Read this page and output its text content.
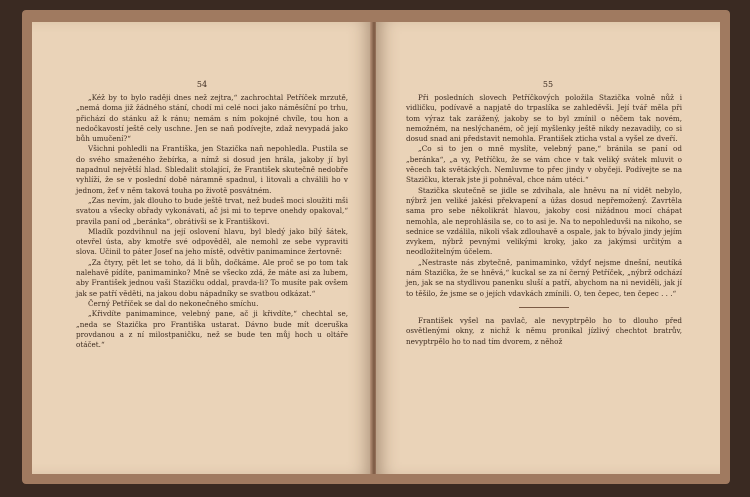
54

„Kéž by to bylo raději dnes než zejtra,“ zachrochtal Petříček mrzutě, „nemá doma již žádného stání, chodí mi celé noci jako náměsíční po trhu, přichází do stánku až k ránu; nemám s ním pokojné chvíle, tou hon a nedočkavostí ještě cely uschne. Jen se naň podívejte, zdaž nevypadá jako bůh umučení?“

Všichni pohledli na Františka, jen Stazička naň nepohledla. Pustila se do svého smaženého žebírka, a nímž si dosud jen hrála, jakoby jí byl napadnul největší hlad. Sbledalit stolající, že František skutečně nedobře vyhlíží, že se v poslední době náramně spadnul, i litovali a chválili ho v jednom, žeť v něm taková touha po životě posvátném.

„Zas nevím, jak dlouho to bude ještě trvat, než budeš moci sloužiti mši svatou a všecky obřady vykonávati, ač jsi mi to teprve onehdy opakoval,“ pravila paní od „beránka“, obrátivši se k Františkovi.

Mladík pozdvihnul na její oslovení hlavu, byl bledý jako bílý šátek, otevřel ústa, aby kmotře své odpověděl, ale nemohl ze sebe vypraviti slova. Učinil to páter Josef na jeho místě, odvětiv panimamince žertovně:

„Za čtyry, pět let se toho, dá li bůh, dočkáme. Ale proč se po tom tak nalehavě pídíte, panimaminko? Mně se všecko zdá, že máte asi za lubem, aby František jednou vaši Stazičku oddal, pravda-li? To musíte pak ovšem jak se patří věděti, na jakou dobu nápadníky se svatbou odkázat.“

Černý Petříček se dal do nekonečného smíchu.

„Křivdíte panimamince, velebný pane, ač ji křivdíte,“ chechtal se, „neda se Stazička pro Františka ustarat. Dávno bude mít dceruška provdanou a z ní milostpaničku, než se bude ten můj hoch u oltáře otáčet.“

55

Při posledních slovech Petříčkových položila Stazička volně nůž i vidličku, podívavě a napjatě do trpaslíka se zahleděvši. Její tvář měla při tom výraz tak zarážený, jakoby se to byl zmínil o něčem tak novém, nemožném, na neslýchaném, oč její myšlenky ještě nikdy nezavadily, co si dosud snad ani představit nemohla. František zticha vstal a vyšel ze dveří.

„Co si to jen o mně myslíte, velebný pane,“ bránila se paní od „beránka“, „a vy, Petříčku, že se vám chce v tak veliký svátek mluvit o věcech tak světáckých. Nemluvme to přec jindy v obyčeji. Podívejte se na Stazičku, kterak jste ji pohněval, chce nám utéci.“

Stazička skutečně se jidle se zdvihala, ale hněvu na ní vidět nebylo, nýbrž jen veliké jakési překvapení a úžas dosud nepřemožený. Zavrtěla sama pro sebe několikrát hlavou, jakoby cosi nižádnou mocí chápat nemohla, ale neprohlásila se, co to asi je. Na to nepohleduvši na nikoho, se sednice se vzdálila, nikoli však zdlouhavě a ospale, jak to bývalo jindy jejím zvykem, nýbrž pevnými velikými kroky, jako za jakýmsi určitým a neodložitelným účelem.

„Nestraste nás zbytečně, panimaminko, vždyť nejsme dnešní, neutíká nám Stazička, že se hněvá,“ kuckal se za ní černý Petříček, „nýbrž odchází jen, jak se na stydlivou panenku sluší a patří, abychom na ni neviděli, jak jí to těšilo, že jsme se o jejích vdavkách zmínili. O, ten čepec, ten čepec . . .“

František vyšel na pavlač, ale nevyptrpělo ho to dlouho před osvětlenými okny, z nichž k němu pronikal jízlivý chechtot bratrův, nevyptrpělo ho to nad tím dvorem, z něhož
